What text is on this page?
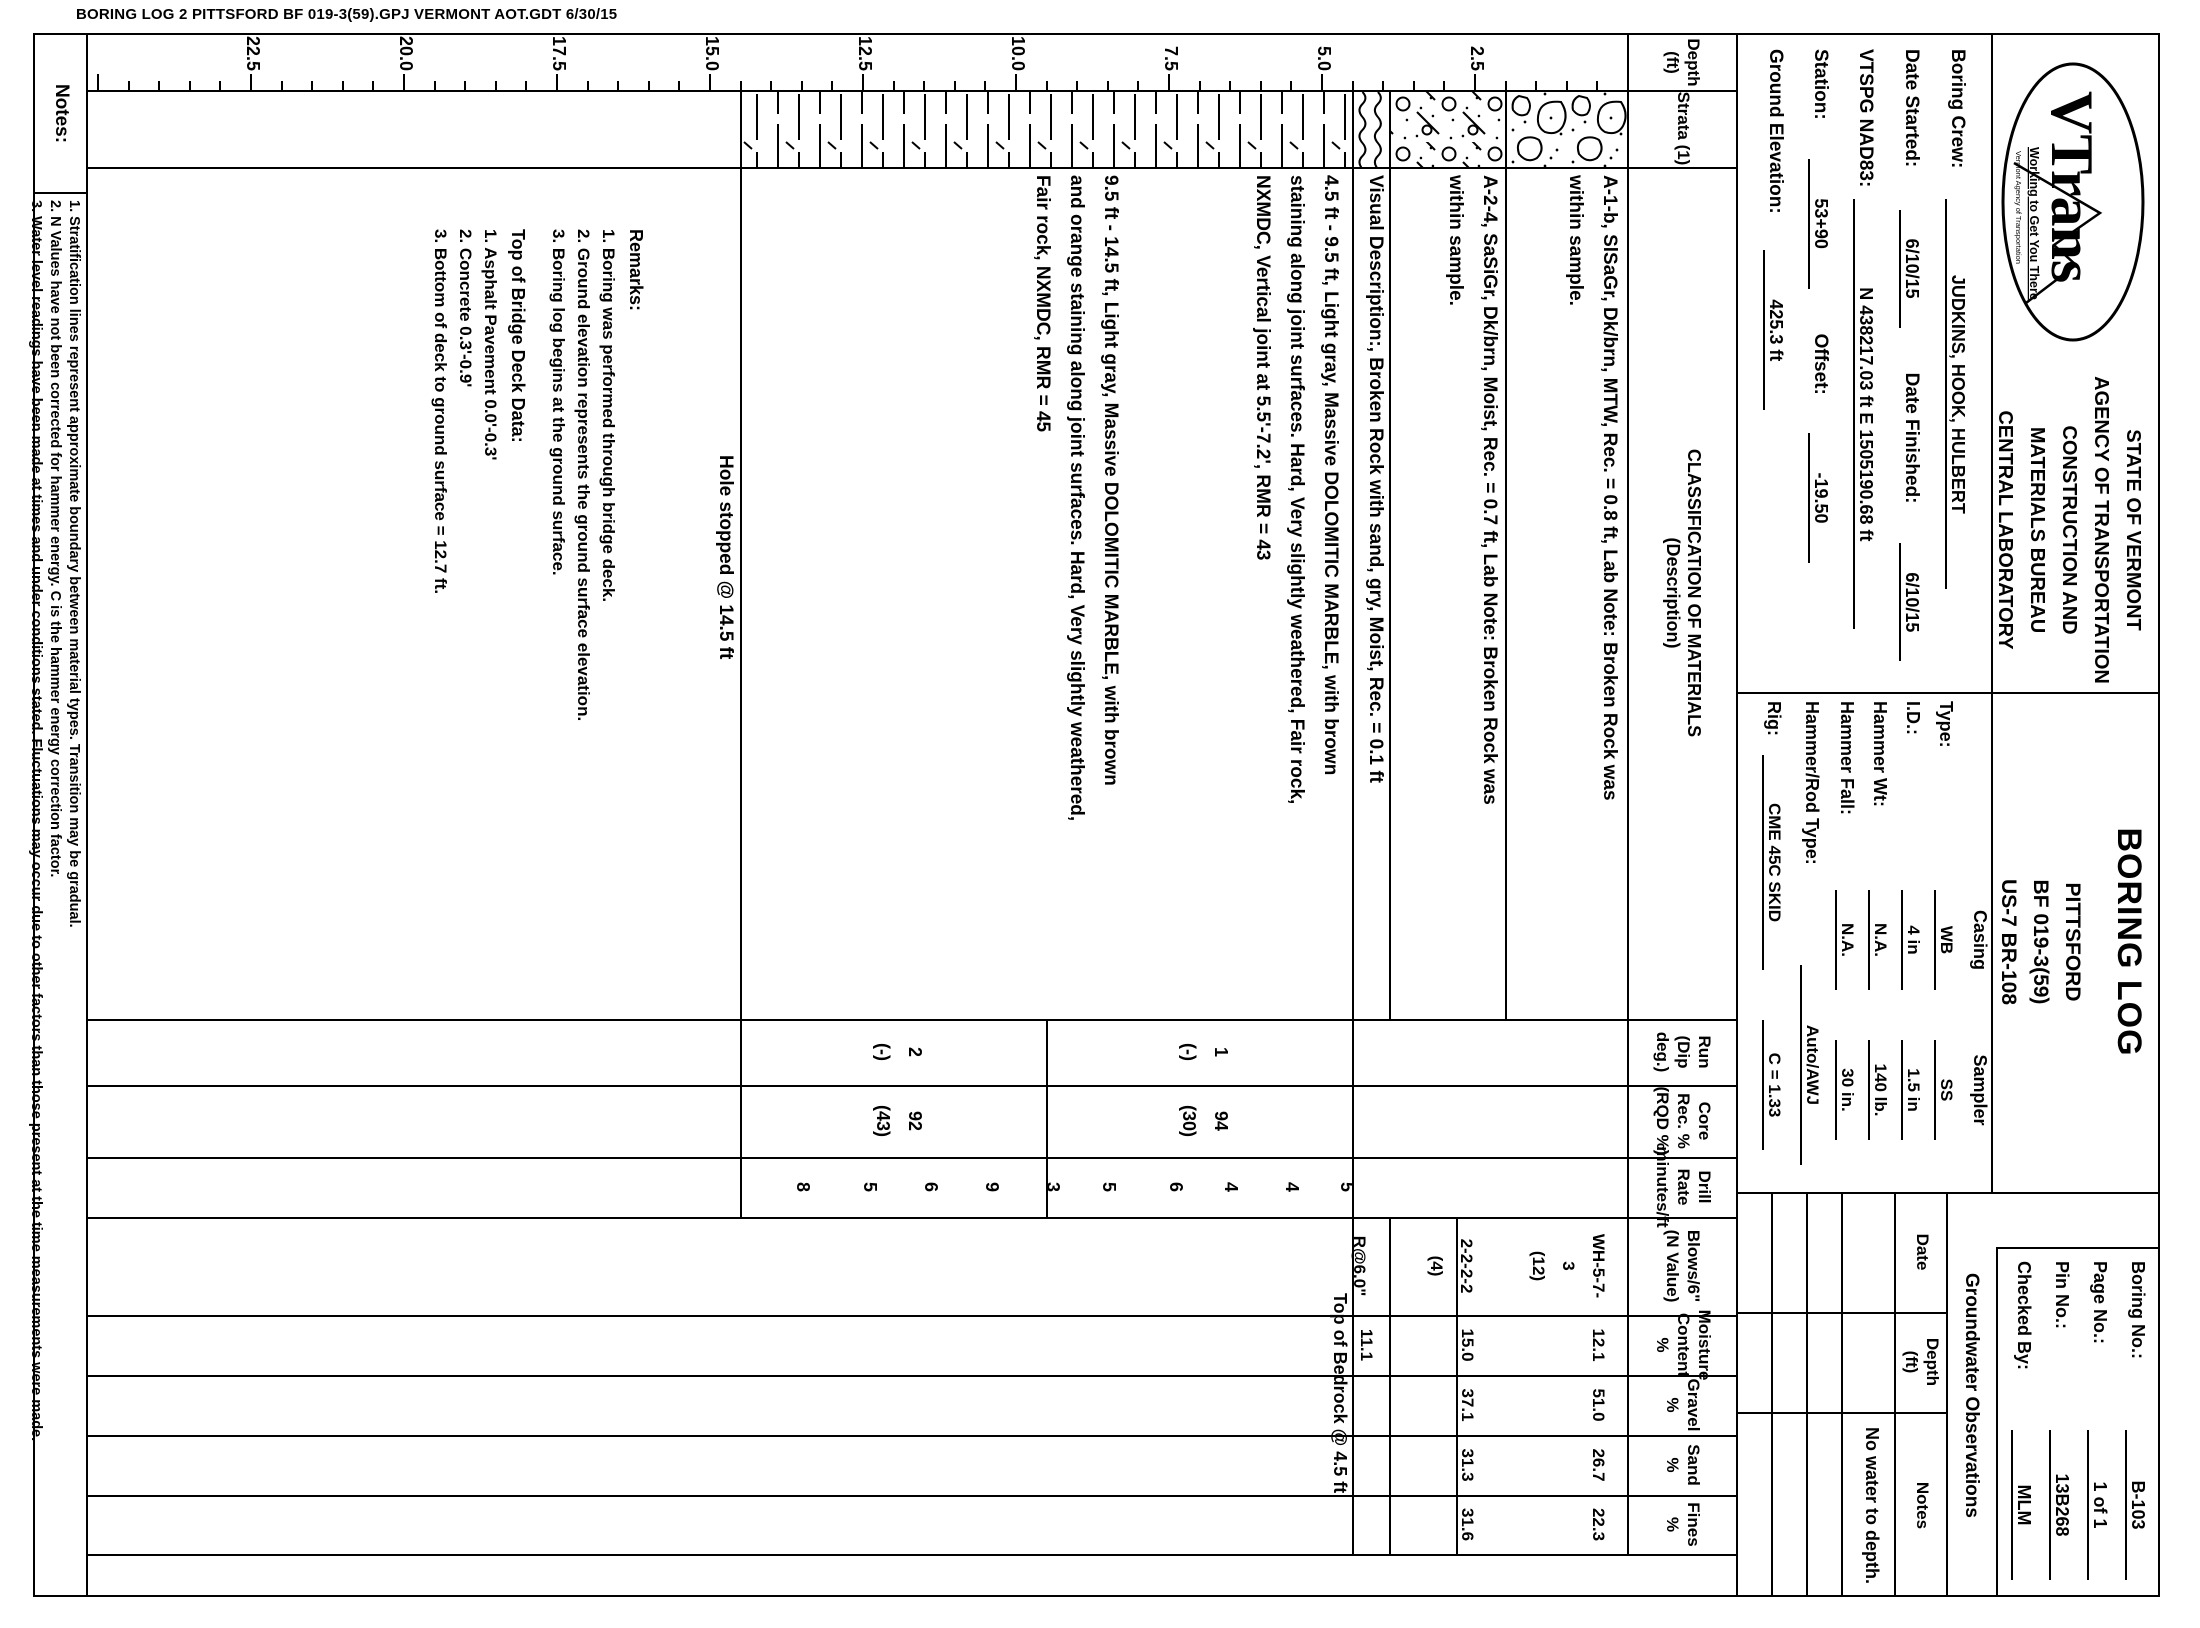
BORING LOG 2 PITTSFORD BF 019-3(59).GPJ VERMONT AOT.GDT 6/30/15
VTrans
Working to Get You There
Vermont Agency of Transportation
STATE OF VERMONT
AGENCY OF TRANSPORTATION
CONSTRUCTION AND
MATERIALS BUREAU
CENTRAL LABORATORY
BORING LOG
PITTSFORD
BF 019-3(59)
US-7 BR-108
Groundwater Observations
Notes:
Boring No.:
B-103
Page No.:
1 of 1
Pin No.:
13B268
Checked By:
MLM
Boring Crew:
JUDKINS, HOOK, HULBERT
Date Started:
6/10/15
Date Finished:
6/10/15
VTSPG NAD83:
N 438217.03 ft E 1505190.68 ft
Station:
53+90
Offset:
-19.50
Ground Elevation:
425.3 ft
Casing
Sampler
Type:
WB
SS
I.D.:
4 in
1.5 in
Hammer Wt:
N.A.
140 lb.
Hammer Fall:
N.A.
30 in.
Hammer/Rod Type:
Auto/AWJ
Rig:
CME 45C SKID
C = 1.33
Date
Depth
(ft)
Notes
No water to depth.
Depth
(ft)
Strata (1)
CLASSIFICATION OF MATERIALS
(Description)
Run
(Dip deg.)
Core Rec. %
(RQD %)
Drill Rate
minutes/ft
Blows/6"
(N Value)
Moisture
Content %
Gravel %
Sand %
Fines %
2.5
5.0
7.5
10.0
12.5
15.0
17.5
20.0
22.5
A-1-b, SlSaGr, Dk/brn, MTW, Rec. = 0.8 ft, Lab Note: Broken Rock was
within sample.
A-2-4, SaSiGr, Dk/brn, Moist, Rec. = 0.7 ft, Lab Note: Broken Rock was
within sample.
Visual Description:, Broken Rock with sand, gry, Moist, Rec. = 0.1 ft
4.5 ft - 9.5 ft, Light gray, Massive DOLOMITIC MARBLE, with brown
staining along joint surfaces. Hard, Very slightly weathered, Fair rock,
NXMDC, Vertical joint at 5.5'-7.2', RMR = 43
9.5 ft - 14.5 ft, Light gray, Massive DOLOMITIC MARBLE, with brown
and orange staining along joint surfaces. Hard, Very slightly weathered,
Fair rock, NXMDC, RMR = 45
Hole stopped @ 14.5 ft
Top of Bedrock @ 4.5 ft
Remarks:
1. Boring was performed through bridge deck.
2. Ground elevation represents the ground surface elevation.
3. Boring log begins at the ground surface.
Top of Bridge Deck Data:
1. Asphalt Pavement 0.0'-0.3'
2. Concrete 0.3'-0.9'
3. Bottom of deck to ground surface = 12.7 ft.
1
(-)
94
(30)
2
(-)
92
(43)
5
4
4
6
5
3
9
6
5
8
WH-5-7-
3
(12)
12.1
51.0
26.7
22.3
2-2-2-2
(4)
15.0
37.1
31.3
31.6
R@6.0"
11.1
1. Stratification lines represent approximate boundary between material types. Transition may be gradual.
2. N Values have not been corrected for hammer energy. C is the hammer energy correction factor.
3. Water level readings have been made at times and under conditions stated. Fluctuations may occur due to other factors than those present at the time measurements were made.
